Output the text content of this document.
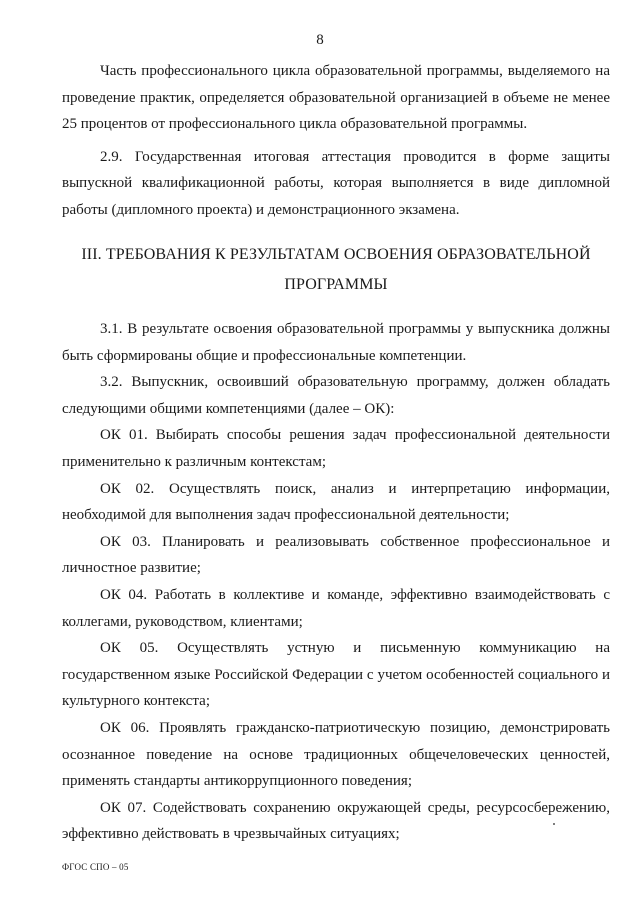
8

Часть профессионального цикла образовательной программы, выделяемого на проведение практик, определяется образовательной организацией в объеме не менее 25 процентов от профессионального цикла образовательной программы.

2.9. Государственная итоговая аттестация проводится в форме защиты выпускной квалификационной работы, которая выполняется в виде дипломной работы (дипломного проекта) и демонстрационного экзамена.

III. ТРЕБОВАНИЯ К РЕЗУЛЬТАТАМ ОСВОЕНИЯ ОБРАЗОВАТЕЛЬНОЙ
ПРОГРАММЫ

3.1. В результате освоения образовательной программы у выпускника должны быть сформированы общие и профессиональные компетенции.

3.2. Выпускник, освоивший образовательную программу, должен обладать следующими общими компетенциями (далее – ОК):

ОК 01. Выбирать способы решения задач профессиональной деятельности применительно к различным контекстам;

ОК 02. Осуществлять поиск, анализ и интерпретацию информации, необходимой для выполнения задач профессиональной деятельности;

ОК 03. Планировать и реализовывать собственное профессиональное и личностное развитие;

ОК 04. Работать в коллективе и команде, эффективно взаимодействовать с коллегами, руководством, клиентами;

ОК 05. Осуществлять устную и письменную коммуникацию на государственном языке Российской Федерации с учетом особенностей социального и культурного контекста;

ОК 06. Проявлять гражданско-патриотическую позицию, демонстрировать осознанное поведение на основе традиционных общечеловеческих ценностей, применять стандарты антикоррупционного поведения;

ОК 07. Содействовать сохранению окружающей среды, ресурсосбережению, эффективно действовать в чрезвычайных ситуациях;

ФГОС СПО – 05
